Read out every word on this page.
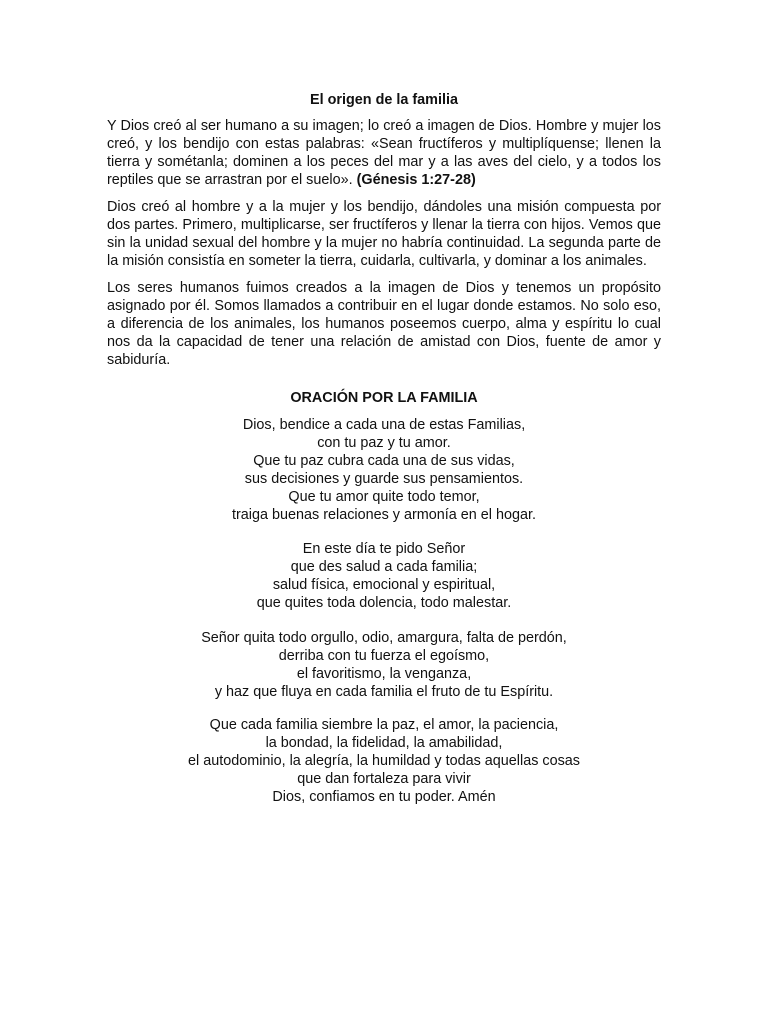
El origen de la familia

Y Dios creó al ser humano a su imagen; lo creó a imagen de Dios. Hombre y mujer los creó, y los bendijo con estas palabras: «Sean fructíferos y multiplíquense; llenen la tierra y sométanla; dominen a los peces del mar y a las aves del cielo, y a todos los reptiles que se arrastran por el suelo». (Génesis 1:27-28)

Dios creó al hombre y a la mujer y los bendijo, dándoles una misión compuesta por dos partes. Primero, multiplicarse, ser fructíferos y llenar la tierra con hijos. Vemos que sin la unidad sexual del hombre y la mujer no habría continuidad. La segunda parte de la misión consistía en someter la tierra, cuidarla, cultivarla, y dominar a los animales.

Los seres humanos fuimos creados a la imagen de Dios y tenemos un propósito asignado por él. Somos llamados a contribuir en el lugar donde estamos. No solo eso, a diferencia de los animales, los humanos poseemos cuerpo, alma y espíritu lo cual nos da la capacidad de tener una relación de amistad con Dios, fuente de amor y sabiduría.

ORACIÓN POR LA FAMILIA
Dios, bendice a cada una de estas Familias,
con tu paz y tu amor.
Que tu paz cubra cada una de sus vidas,
sus decisiones y guarde sus pensamientos.
Que tu amor quite todo temor,
traiga buenas relaciones y armonía en el hogar.
En este día te pido Señor
que des salud a cada familia;
salud física, emocional y espiritual,
que quites toda dolencia, todo malestar.
Señor quita todo orgullo, odio, amargura, falta de perdón,
derriba con tu fuerza el egoísmo,
el favoritismo, la venganza,
y haz que fluya en cada familia el fruto de tu Espíritu.
Que cada familia siembre la paz, el amor, la paciencia,
la bondad, la fidelidad, la amabilidad,
el autodominio, la alegría, la humildad y todas aquellas cosas
que dan fortaleza para vivir
Dios, confiamos en tu poder. Amén
